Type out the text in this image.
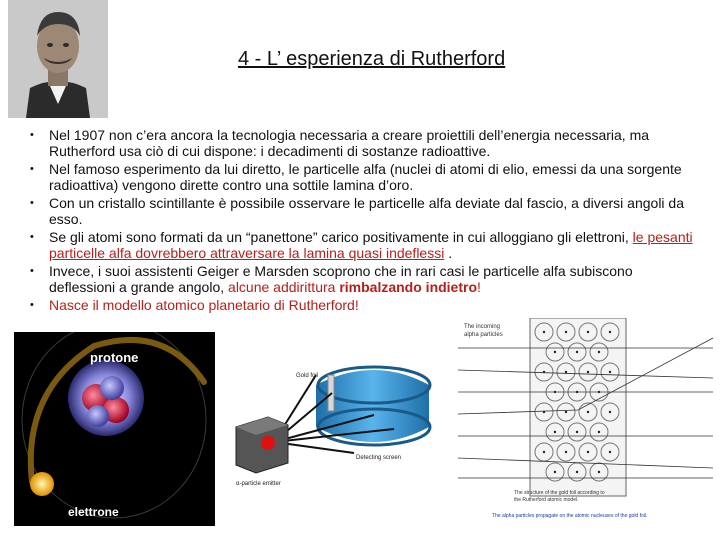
4 - L’ esperienza di Rutherford
• Nel 1907 non c’era ancora la tecnologia necessaria a creare proiettili dell’energia necessaria, ma Rutherford usa ciò di cui dispone: i decadimenti di sostanze radioattive.
• Nel famoso esperimento da lui diretto, le particelle alfa (nuclei di atomi di elio, emessi da una sorgente radioattiva) vengono dirette contro una sottile lamina d’oro.
• Con un cristallo scintillante è possibile osservare le particelle alfa deviate dal fascio, a diversi angoli da esso.
• Se gli atomi sono formati da un “panettone” carico positivamente in cui alloggiano gli elettroni, le pesanti particelle alfa dovrebbero attraversare la lamina quasi indeflessi .
• Invece, i suoi assistenti Geiger e Marsden scoprono che in rari casi le particelle alfa subiscono deflessioni a grande angolo, alcune addirittura rimbalzando indietro!
• Nasce il modello atomico planetario di Rutherford!
protone
elettrone
Gold foil
Detecting screen
α-particle emitter
The incoming
alpha particles
The structure of the gold foil according to
the Rutherford atomic model.
The alpha particles propagate on the atomic nucleuses of the gold foil.
